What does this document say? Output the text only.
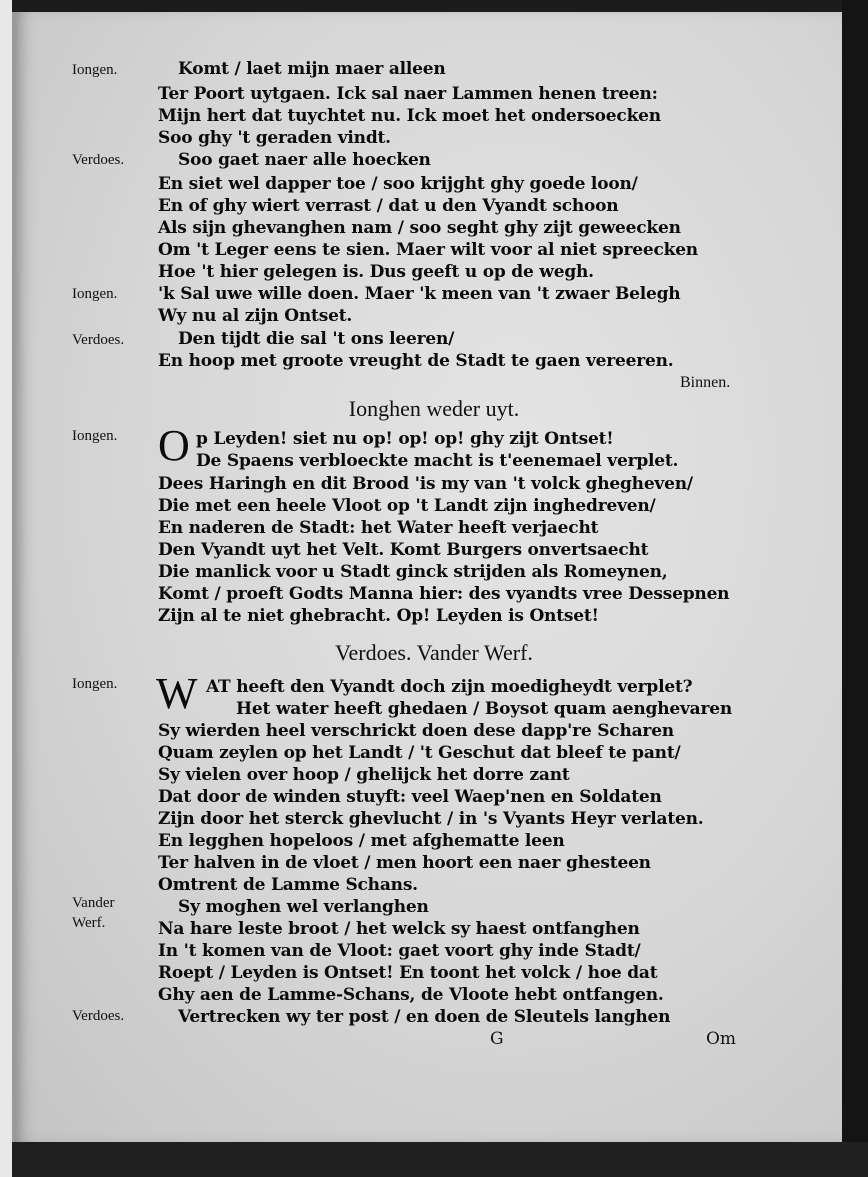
Iongen.	Komt / laet mijn maer alleen
Ter Poort uytgaen. Ick sal naer Lammen henen treen:
Mijn hert dat tuychtet nu. Ick moet het ondersoecken
Soo ghy 't geraden vindt.
Verdoes.	Soo gaet naer alle hoecken
En siet wel dapper toe / soo krijght ghy goede loon/
En of ghy wiert verrast / dat u den Vyandt schoon
Als sijn ghevanghen nam / soo seght ghy zijt geweecken
Om 't Leger eens te sien. Maer wilt voor al niet spreecken
Hoe 't hier gelegen is. Dus geeft u op de wegh.
Iongen. 'k Sal uwe wille doen. Maer 'k meen van 't zwaer Belegh
Wy nu al zijn Ontset.
Verdoes.	Den tijdt die sal 't ons leeren/
En hoop met groote vreught de Stadt te gaen vereeren.
Binnen.
Ionghen weder uyt.
Iongen. O p Leyden! siet nu op! op! op! ghy zijt Ontset!
De Spaens verbloeckte macht is t'eenemael verplet.
Dees Haringh en dit Brood 'is my van 't volck ghegheven/
Die met een heele Vloot op 't Landt zijn inghedreven/
En naderen de Stadt: het Water heeft verjaecht
Den Vyandt uyt het Velt. Komt Burgers onvertsaecht
Die manlick voor u Stadt ginck strijden als Romeynen,
Komt / proeft Godts Manna hier: des vyandts vree Dessepnen
Zijn al te niet ghebracht. Op! Leyden is Ontset!
Verdoes. Vander Werf.
Iongen. W AT heeft den Vyandt doch zijn moedigheydt verplet?
Het water heeft ghedaen / Boysot quam aenghevaren
Sy wierden heel verschrickt doen dese dapp're Scharen
Quam zeylen op het Landt / 't Geschut dat bleef te pant/
Sy vielen over hoop / ghelijck het dorre zant
Dat door de winden stuyft: veel Waep'nen en Soldaten
Zijn door het sterck ghevlucht / in 's Vyants Heyr verlaten.
En legghen hopeloos / met afghematte leen
Ter halven in de vloet / men hoort een naer ghesteen
Omtrent de Lamme Schans.
Vander
Werf.
Sy moghen wel verlanghen
Na hare leste broot / het welck sy haest ontfanghen
In 't komen van de Vloot: gaet voort ghy inde Stadt/
Roept / Leyden is Ontset! En toont het volck / hoe dat
Ghy aen de Lamme-Schans, de Vloote hebt ontfangen.
Verdoes.	Vertrecken wy ter post / en doen de Sleutels langhen
G	Om
